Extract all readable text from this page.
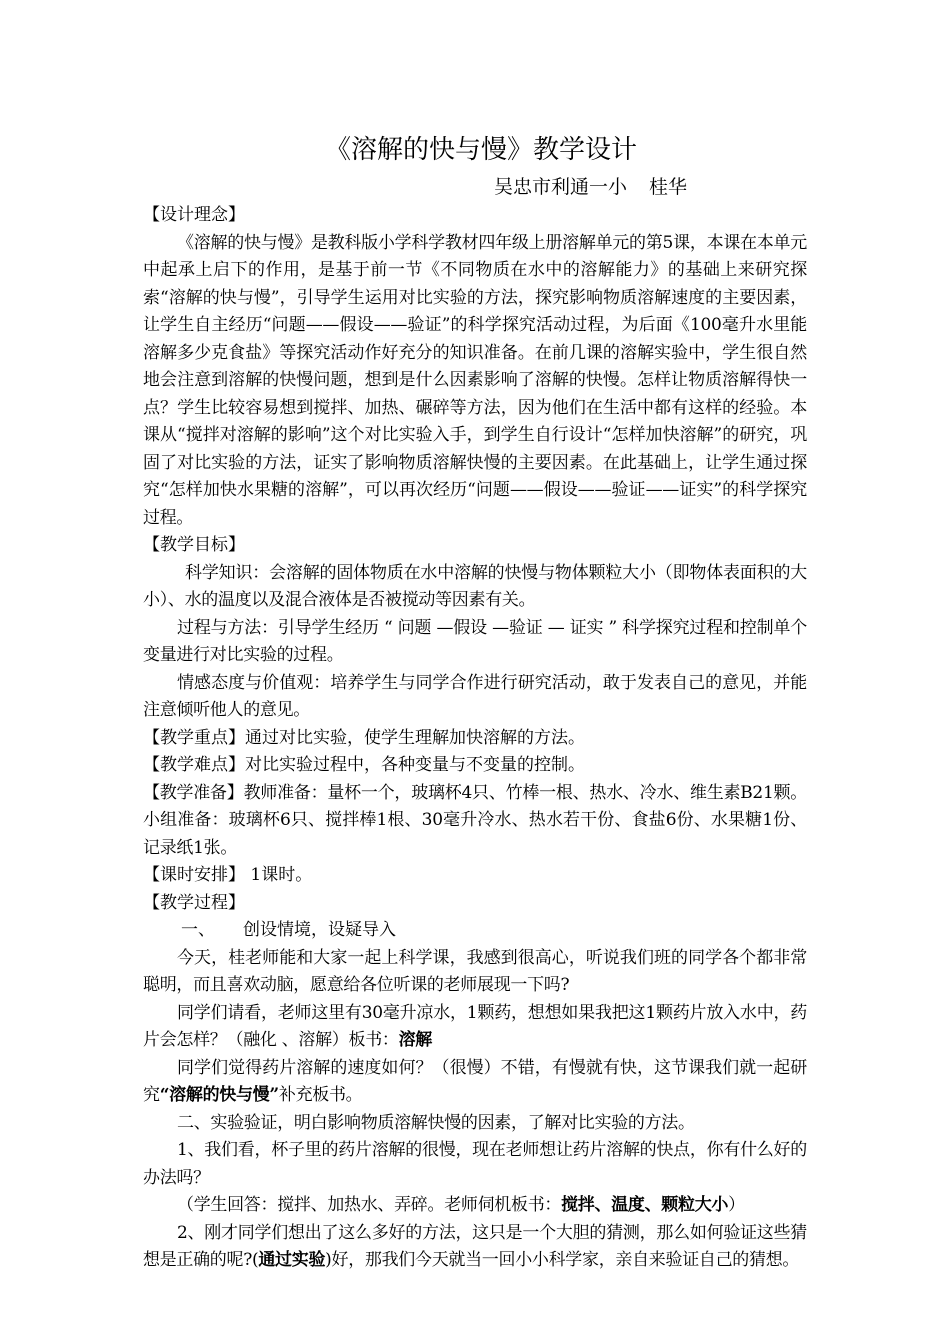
《溶解的快与慢》教学设计
吴忠市利通一小 桂华
【设计理念】

《溶解的快与慢》是教科版小学科学教材四年级上册溶解单元的第5课，本课在本单元中起承上启下的作用，是基于前一节《不同物质在水中的溶解能力》的基础上来研究探索“溶解的快与慢”，引导学生运用对比实验的方法，探究影响物质溶解速度的主要因素，让学生自主经历“问题——假设——验证”的科学探究活动过程，为后面《100毫升水里能溶解多少克食盐》等探究活动作好充分的知识准备。在前几课的溶解实验中，学生很自然地会注意到溶解的快慢问题，想到是什么因素影响了溶解的快慢。怎样让物质溶解得快一点？学生比较容易想到搅拌、加热、碾碎等方法，因为他们在生活中都有这样的经验。本课从“搅拌对溶解的影响”这个对比实验入手，到学生自行设计“怎样加快溶解”的研究，巩固了对比实验的方法，证实了影响物质溶解快慢的主要因素。在此基础上，让学生通过探究“怎样加快水果糖的溶解”，可以再次经历“问题——假设——验证——证实”的科学探究过程。

【教学目标】

科学知识：会溶解的固体物质在水中溶解的快慢与物体颗粒大小（即物体表面积的大小）、水的温度以及混合液体是否被搅动等因素有关。

过程与方法：引导学生经历 “ 问题 —假设 —验证 — 证实 ” 科学探究过程和控制单个变量进行对比实验的过程。

情感态度与价值观：培养学生与同学合作进行研究活动，敢于发表自己的意见，并能注意倾听他人的意见。

【教学重点】通过对比实验，使学生理解加快溶解的方法。
【教学难点】对比实验过程中，各种变量与不变量的控制。

【教学准备】教师准备：量杯一个，玻璃杯4只、竹棒一根、热水、冷水、维生素B21颗。小组准备：玻璃杯6只、搅拌棒1根、30毫升冷水、热水若干份、食盐6份、水果糖1份、记录纸1张。

【课时安排】 1课时。
【教学过程】
一、 创设情境，设疑导入

今天，桂老师能和大家一起上科学课，我感到很高心，听说我们班的同学各个都非常聪明，而且喜欢动脑，愿意给各位听课的老师展现一下吗?

同学们请看，老师这里有30毫升凉水，1颗药，想想如果我把这1颗药片放入水中，药片会怎样？（融化 、溶解）板书：溶解

同学们觉得药片溶解的速度如何？（很慢）不错，有慢就有快，这节课我们就一起研究“溶解的快与慢”补充板书。

二、实验验证，明白影响物质溶解快慢的因素，了解对比实验的方法。

1、我们看，杯子里的药片溶解的很慢，现在老师想让药片溶解的快点，你有什么好的办法吗？

（学生回答：搅拌、加热水、弄碎。老师伺机板书：搅拌、温度、颗粒大小）

2、刚才同学们想出了这么多好的方法，这只是一个大胆的猜测，那么如何验证这些猜想是正确的呢?(通过实验)好，那我们今天就当一回小小科学家，亲自来验证自己的猜想。
